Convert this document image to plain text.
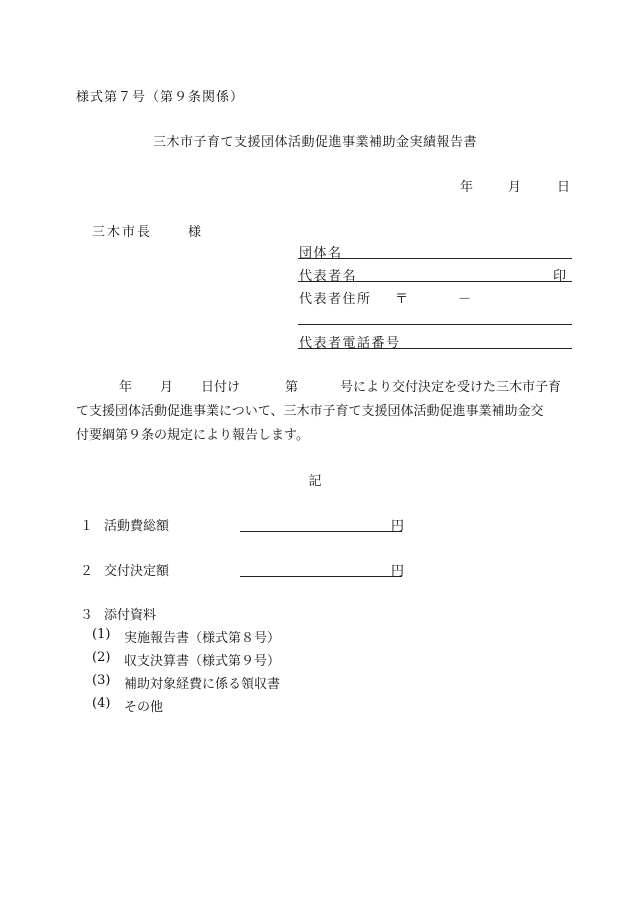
様式第７号（第９条関係）
三木市子育て支援団体活動促進事業補助金実績報告書
年	月	日
三木市長	様
団体名
代表者名	印
代表者住所 〒	－
代表者電話番号
年 月 日付け	第	号により交付決定を受けた三木市子育
て支援団体活動促進事業について、三木市子育て支援団体活動促進事業補助金交
付要綱第９条の規定により報告します。
記
１ 活動費総額	円
２ 交付決定額	円
３ 添付資料
(1) 実施報告書（様式第８号）
(2) 収支決算書（様式第９号）
(3) 補助対象経費に係る領収書
(4) その他
